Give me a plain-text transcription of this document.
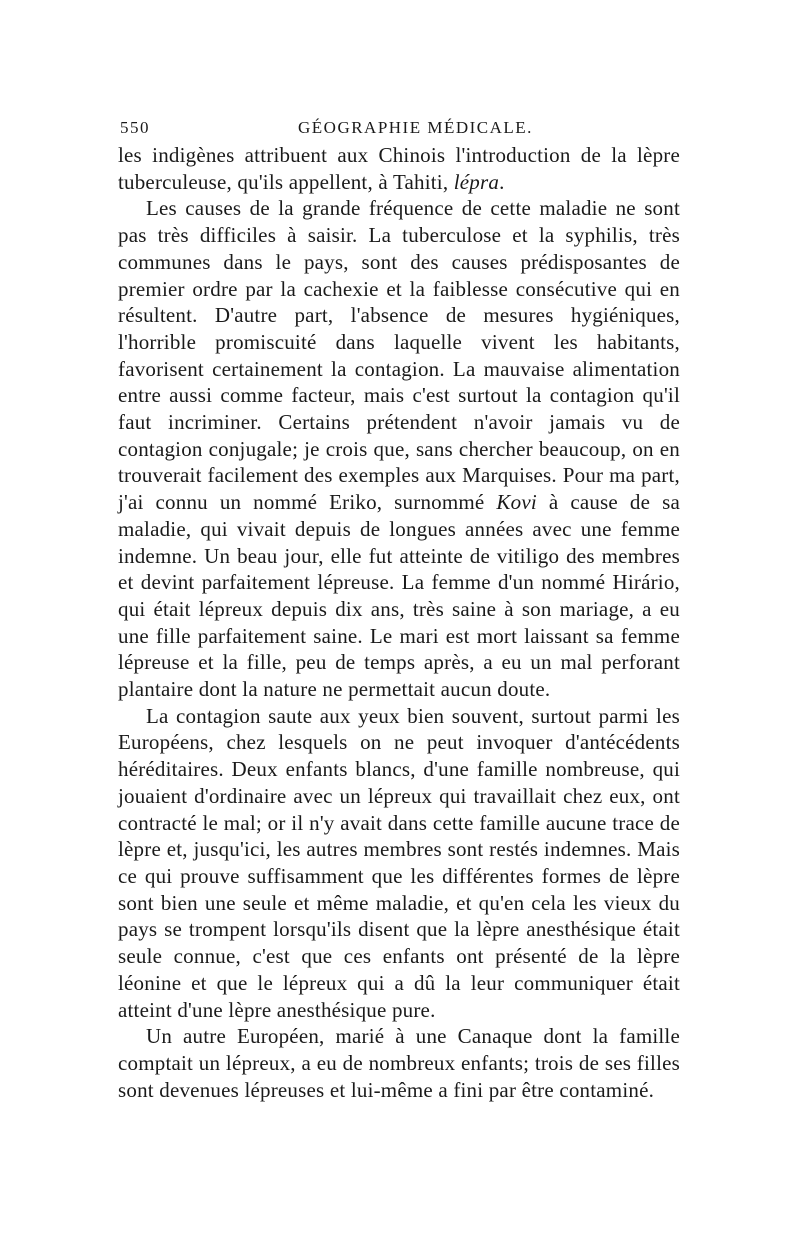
550	GÉOGRAPHIE MÉDICALE.

les indigènes attribuent aux Chinois l'introduction de la lèpre tuberculeuse, qu'ils appellent, à Tahiti, lépra.

Les causes de la grande fréquence de cette maladie ne sont pas très difficiles à saisir. La tuberculose et la syphilis, très communes dans le pays, sont des causes prédisposantes de premier ordre par la cachexie et la faiblesse consécutive qui en résultent. D'autre part, l'absence de mesures hygiéniques, l'horrible promiscuité dans laquelle vivent les habitants, favorisent certainement la contagion. La mauvaise alimentation entre aussi comme facteur, mais c'est surtout la contagion qu'il faut incriminer. Certains prétendent n'avoir jamais vu de contagion conjugale; je crois que, sans chercher beaucoup, on en trouverait facilement des exemples aux Marquises. Pour ma part, j'ai connu un nommé Eriko, surnommé Kovi à cause de sa maladie, qui vivait depuis de longues années avec une femme indemne. Un beau jour, elle fut atteinte de vitiligo des membres et devint parfaitement lépreuse. La femme d'un nommé Hirário, qui était lépreux depuis dix ans, très saine à son mariage, a eu une fille parfaitement saine. Le mari est mort laissant sa femme lépreuse et la fille, peu de temps après, a eu un mal perforant plantaire dont la nature ne permettait aucun doute.

La contagion saute aux yeux bien souvent, surtout parmi les Européens, chez lesquels on ne peut invoquer d'antécédents héréditaires. Deux enfants blancs, d'une famille nombreuse, qui jouaient d'ordinaire avec un lépreux qui travaillait chez eux, ont contracté le mal; or il n'y avait dans cette famille aucune trace de lèpre et, jusqu'ici, les autres membres sont restés indemnes. Mais ce qui prouve suffisamment que les différentes formes de lèpre sont bien une seule et même maladie, et qu'en cela les vieux du pays se trompent lorsqu'ils disent que la lèpre anesthésique était seule connue, c'est que ces enfants ont présenté de la lèpre léonine et que le lépreux qui a dû la leur communiquer était atteint d'une lèpre anesthésique pure.

Un autre Européen, marié à une Canaque dont la famille comptait un lépreux, a eu de nombreux enfants; trois de ses filles sont devenues lépreuses et lui-même a fini par être contaminé.
